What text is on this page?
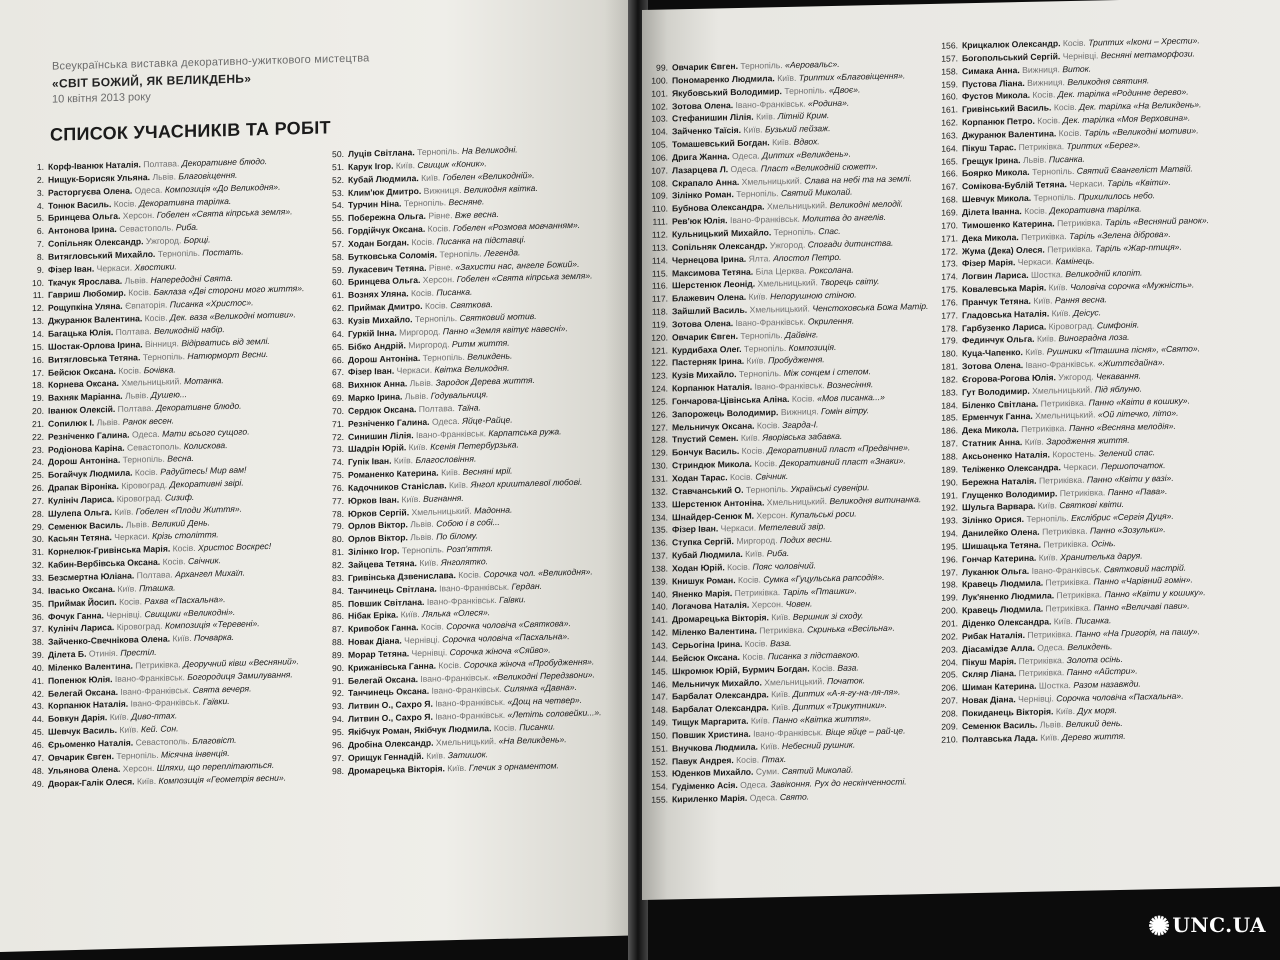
Всеукраїнська виставка декоративно-ужиткового мистецтва
«СВІТ БОЖИЙ, ЯК ВЕЛИКДЕНЬ»
10 квітня 2013 року
СПИСОК УЧАСНИКІВ ТА РОБІТ
1. Корф-Іванюк Наталія. Полтава. Декоративне блюдо.
2. Нищук-Борисяк Ульяна. Львів. Благовіщення.
3. Расторгуєва Олена. Одеса. Композиція «До Великодня».
4. Тонюк Василь. Косів. Декоративна тарілка.
5. Бринцева Ольга. Херсон. Гобелен «Свята кіпрська земля».
6. Антонова Ірина. Севастополь. Риба.
7. Сопільняк Олександр. Ужгород. Борщі.
8. Витягловський Михайло. Тернопіль. Постать.
9. Фізер Іван. Черкаси. Хвостики.
10. Ткачук Ярослава. Львів. Напередодні Свята.
11. Гавриш Любомир. Косів. Баклаза «Дві сторони мого життя».
12. Рощупкіна Уляна. Євпаторія. Писанка «Христос».
13. Джуранюк Валентина. Косів. Дек. ваза «Великодні мотиви».
14. Багацька Юлія. Полтава. Великодній набір.
15. Шостак-Орлова Ірина. Вінниця. Відірватись від землі.
16. Витягловська Тетяна. Тернопіль. Натюрморт Весни.
17. Бейсюк Оксана. Косів. Бочівка.
18. Корнева Оксана. Хмельницький. Мотанка.
19. Вахняк Маріанна. Львів. Душею...
20. Іванюк Олексій. Полтава. Декоративне блюдо.
21. Сопилюк І. Львів. Ранок весен.
22. Резніченко Галина. Одеса. Мати всього сущого.
23. Родіонова Каріна. Севастополь. Колискова.
24. Дорош Антоніна. Тернопіль. Весна.
25. Богайчук Людмила. Косів. Радуйтесь! Мир вам!
26. Драпак Віроніка. Кіровоград. Декоративні звірі.
27. Кулініч Лариса. Кіровоград. Сизиф.
28. Шулепа Ольга. Київ. Гобелен «Плоди Життя».
29. Семенюк Василь. Львів. Великий День.
30. Касьян Тетяна. Черкаси. Крізь століття.
31. Корнелюк-Гривінська Марія. Косів. Христос Воскрес!
32. Кабин-Вербівська Оксана. Косів. Свічник.
33. Безсмертна Юліана. Полтава. Архангел Михаїл.
34. Івасько Оксана. Київ. Пташка.
35. Приймак Йосип. Косів. Рахва «Пасхальна».
36. Фочук Ганна. Чернівці. Свищики «Великодні».
37. Кулініч Лариса. Кіровоград. Композиція «Теревені».
38. Зайченко-Свечнікова Олена. Київ. Почварка.
39. Ділета Б. Отинія. Престіл.
40. Міленко Валентина. Петриківка. Деоручний ківш «Весняний».
41. Попенюк Юлія. Івано-Франківськ. Богородиця Замилування.
42. Белегай Оксана. Івано-Франківськ. Свята вечеря.
43. Корпанюк Наталія. Івано-Франківськ. Гаївки.
44. Бовкун Дарія. Київ. Диво-птах.
45. Шевчук Василь. Київ. Кей. Сон.
46. Єрьоменко Наталія. Севастополь. Благовіст.
47. Овчарик Євген. Тернопіль. Місячна інвенція.
48. Ульянова Олена. Херсон. Шляхи, що переплітаються.
49. Дворак-Галік Олеся. Київ. Композиція «Геометрія весни».
50. Луців Світлана. Тернопіль. На Великодні.
51. Карук Ігор. Київ. Свищик «Коник».
52. Кубай Людмила. Київ. Гобелен «Великодній».
53. Клим'юк Дмитро. Вижниця. Великодня квітка.
54. Турчин Ніна. Тернопіль. Весняне.
55. Побережна Ольга. Рівне. Вже весна.
56. Гордійчук Оксана. Косів. Гобелен «Розмова мовчанням».
57. Ходан Богдан. Косів. Писанка на підставці.
58. Бутковська Соломія. Тернопіль. Легенда.
59. Лукасевич Тетяна. Рівне. «Захисти нас, ангеле Божий».
60. Бринцева Ольга. Херсон. Гобелен «Свята кіпрська земля».
61. Вознях Уляна. Косів. Писанка.
62. Приймак Дмитро. Косів. Святкова.
63. Кузів Михайло. Тернопіль. Святковий мотив.
64. Гуркій Інна. Миргород. Панно «Земля квітує навесні».
65. Бібко Андрій. Миргород. Ритм життя.
66. Дорош Антоніна. Тернопіль. Великдень.
67. Фізер Іван. Черкаси. Квітка Великодня.
68. Вихнюк Анна. Львів. Зародок Дерева життя.
69. Марко Ірина. Львів. Годувальниця.
70. Сердюк Оксана. Полтава. Таїна.
71. Резніченко Галина. Одеса. Яйце-Райце.
72. Синишин Лілія. Івано-Франківськ. Карпатська ружа.
73. Шадрін Юрій. Київ. Ксенія Петербурзька.
74. Гупік Іван. Київ. Благословіння.
75. Романенко Катерина. Київ. Весняні мрії.
76. Кадочников Станіслав. Київ. Янгол кришталевої любові.
77. Юрков Іван. Київ. Вигнання.
78. Юрков Сергій. Хмельницький. Мадонна.
79. Орлов Віктор. Львів. Собою і в собі...
80. Орлов Віктор. Львів. По білому.
81. Зілінко Ігор. Тернопіль. Розп'яття.
82. Зайцева Тетяна. Київ. Янголятко.
83. Гривінська Дзвенислава. Косів. Сорочка чол. «Великодня».
84. Танчинець Світлана. Івано-Франківськ. Гердан.
85. Повшик Світлана. Івано-Франківськ. Гаївки.
86. Нібак Еріка. Київ. Лялька «Олеся».
87. Кривобок Ганна. Косів. Сорочка чоловіча «Святкова».
88. Новак Діана. Чернівці. Сорочка чоловіча «Пасхальна».
89. Морар Тетяна. Чернівці. Сорочка жіноча «Сяйво».
90. Крижанівська Ганна. Косів. Сорочка жіноча «Пробудження».
91. Белегай Оксана. Івано-Франківськ. «Великодні Передзвони».
92. Танчинець Оксана. Івано-Франківськ. Силянка «Давна».
93. Литвин О., Сахро Я. Івано-Франківськ. «Дощ на четвер».
94. Литвин О., Сахро Я. Івано-Франківськ. «Летіть соловейки...».
95. Якібчук Роман, Якібчук Людмила. Косів. Писанки.
96. Дробіна Олександр. Хмельницький. «На Великдень».
97. Орищук Геннадій. Київ. Затишок.
98. Дромарецька Вікторія. Київ. Глечик з орнаментом.
99. Овчарик Євген. Тернопіль. «Аеровальс».
100. Пономаренко Людмила. Київ. Триптих «Благовіщення».
101. Якубовський Володимир. Тернопіль. «Двоє».
102. Зотова Олена. Івано-Франківськ. «Родина».
103. Стефанишин Лілія. Київ. Літній Крим.
104. Зайченко Таїсія. Київ. Бузький пейзаж.
105. Томашевський Богдан. Київ. Вдвох.
106. Дрига Жанна. Одеса. Диптих «Великдень».
107. Лазарцева Л. Одеса. Пласт «Великодній сюжет».
108. Скрапало Анна. Хмельницький. Слава на небі та на землі.
109. Зілінко Роман. Тернопіль. Святий Миколай.
110. Бубнова Олександра. Хмельницький. Великодні мелодії.
111. Рев'юк Юлія. Івано-Франківськ. Молитва до ангелів.
112. Кульницький Михайло. Тернопіль. Спас.
113. Сопільняк Олександр. Ужгород. Спогади дитинства.
114. Чернецова Ірина. Ялта. Апостол Петро.
115. Максимова Тетяна. Біла Церква. Роксолана.
116. Шерстенюк Леонід. Хмельницький. Творець світу.
117. Блажевич Олена. Київ. Непорушною стіною.
118. Зайшлий Василь. Хмельницький. Ченстоховська Божа Матір.
119. Зотова Олена. Івано-Франківськ. Окрилення.
120. Овчарик Євген. Тернопіль. Дайвінг.
121. Курдибаха Олег. Тернопіль. Композиція.
122. Пастерняк Ірина. Київ. Пробудження.
123. Кузів Михайло. Тернопіль. Між сонцем і степом.
124. Корпанюк Наталія. Івано-Франківськ. Вознесіння.
125. Гончарова-Цівінська Аліна. Косів. «Мов писанка...»
126. Запорожець Володимир. Вижниця. Гомін вітру.
127. Мельничук Оксана. Косів. Згарда-І.
128. Тпустий Семен. Київ. Яворівська забавка.
129. Бончук Василь. Косів. Декоративний пласт «Предвічне».
130. Стриндюк Микола. Косів. Декоративний пласт «Знаки».
131. Ходан Тарас. Косів. Свічник.
132. Ставчанський О. Тернопіль. Українські сувеніри.
133. Шерстенюк Антоніна. Хмельницький. Великодня витинанка.
134. Шнайдер-Сенюк М. Херсон. Купальські роси.
135. Фізер Іван. Черкаси. Метелевий звір.
136. Ступка Сергій. Миргород. Подих весни.
137. Кубай Людмила. Київ. Риба.
138. Ходан Юрій. Косів. Пояс чоловічий.
139. Книшук Роман. Косів. Сумка «Гуцульська рапсодія».
140. Яненко Марія. Петриківка. Таріль «Пташки».
140. Логачова Наталія. Херсон. Човен.
141. Дромарецька Вікторія. Київ. Вершник зі сходу.
142. Міленко Валентина. Петриківка. Скринька «Весільна».
143. Серьогіна Ірина. Косів. Ваза.
144. Бейсюк Оксана. Косів. Писанка з підставкою.
145. Шкромюк Юрій, Бурмич Богдан. Косів. Ваза.
146. Мельничук Михайло. Хмельницький. Початок.
147. Барбалат Олександра. Київ. Диптих «А-я-гу-на-ля-ля».
148. Барбалат Олександра. Київ. Диптих «Трикутники».
149. Тищук Маргарита. Київ. Панно «Квітка життя».
150. Повшик Христина. Івано-Франківськ. Віще яйце – рай-це.
151. Внучкова Людмила. Київ. Небесний рушник.
152. Павук Андрея. Косів. Птах.
153. Юденков Михайло. Суми. Святий Миколай.
154. Гудіменко Асія. Одеса. Завіконня. Рух до нескінченності.
155. Кириленко Марія. Одеса. Свято.
156. Крицкалюк Олександр. Косів. Триптих «Ікони – Хрести».
157. Богопольський Сергій. Чернівці. Весняні метаморфози.
158. Симака Анна. Вижниця. Виток.
159. Пустова Ліана. Вижниця. Великодня святиня.
160. Фустов Микола. Косів. Дек. тарілка «Родинне дерево».
161. Гривінський Василь. Косів. Дек. тарілка «На Великдень».
162. Корпанюк Петро. Косів. Дек. тарілка «Моя Верховина».
163. Джуранюк Валентина. Косів. Таріль «Великодні мотиви».
164. Пікуш Тарас. Петриківка. Триптих «Берег».
165. Грещук Ірина. Львів. Писанка.
166. Боярко Микола. Тернопіль. Святий Євангеліст Матвій.
167. Сомікова-Бублій Тетяна. Черкаси. Таріль «Квіти».
168. Шевчук Микола. Тернопіль. Прихилилось небо.
169. Ділета Іванна. Косів. Декоративна тарілка.
170. Тимошенко Катерина. Петриківка. Таріль «Весняний ранок».
171. Дека Микола. Петриківка. Таріль «Зелена діброва».
172. Жума (Дека) Олеся. Петриківка. Таріль «Жар-птиця».
173. Фізер Марія. Черкаси. Камінець.
174. Логвин Лариса. Шостка. Великодній клопіт.
175. Ковалевська Марія. Київ. Чоловіча сорочка «Мужність».
176. Пранчук Тетяна. Київ. Рання весна.
177. Гладовська Наталія. Київ. Деісус.
178. Гарбузенко Лариса. Кіровоград. Симфонія.
179. Фединчук Ольга. Київ. Виноградна лоза.
180. Куца-Чапенко. Київ. Рушники «Пташина пісня», «Свято».
181. Зотова Олена. Івано-Франківськ. «Життєдайна».
182. Єгорова-Рогова Юлія. Ужгород. Чекавання.
183. Гут Володимир. Хмельницький. Під яблуню.
184. Біленко Світлана. Петриківка. Панно «Квіти в кошику».
185. Ерменчук Ганна. Хмельницький. «Ой літечко, літо».
186. Дека Микола. Петриківка. Панно «Весняна мелодія».
187. Статник Анна. Київ. Зародження життя.
188. Аксьоненко Наталія. Коростень. Зелений спас.
189. Теліженко Олександра. Черкаси. Першопочаток.
190. Бережна Наталія. Петриківка. Панно «Квіти у вазі».
191. Глущенко Володимир. Петриківка. Панно «Пава».
192. Шульга Варвара. Київ. Святкові квіти.
193. Зілінко Орися. Тернопіль. Екслібрис «Сергія Дуця».
194. Данилейко Олена. Петриківка. Панно «Зозульки».
195. Шишацька Тетяна. Петриківка. Осінь.
196. Гончар Катерина. Київ. Хранителька даруя.
197. Луканюк Ольга. Івано-Франківськ. Святковий настрій.
198. Кравець Людмила. Петриківка. Панно «Чарівний гомін».
199. Лук'яненко Людмила. Петриківка. Панно «Квіти у кошику».
200. Кравець Людмила. Петриківка. Панно «Величаві пави».
201. Діденко Олександра. Київ. Писанка.
202. Рибак Наталія. Петриківка. Панно «На Григорія, на пашу».
203. Діасамідзе Алла. Одеса. Великдень.
204. Пікуш Марія. Петриківка. Золота осінь.
205. Скляр Ліана. Петриківка. Панно «Айстри».
206. Шиман Катерина. Шостка. Разом назавжди.
207. Новак Діана. Чернівці. Сорочка чоловіча «Пасхальна».
208. Покиданець Вікторія. Київ. Дух моря.
209. Семенюк Василь. Львів. Великий день.
210. Полтавська Лада. Київ. Дерево життя.
✺ UNC.UA
